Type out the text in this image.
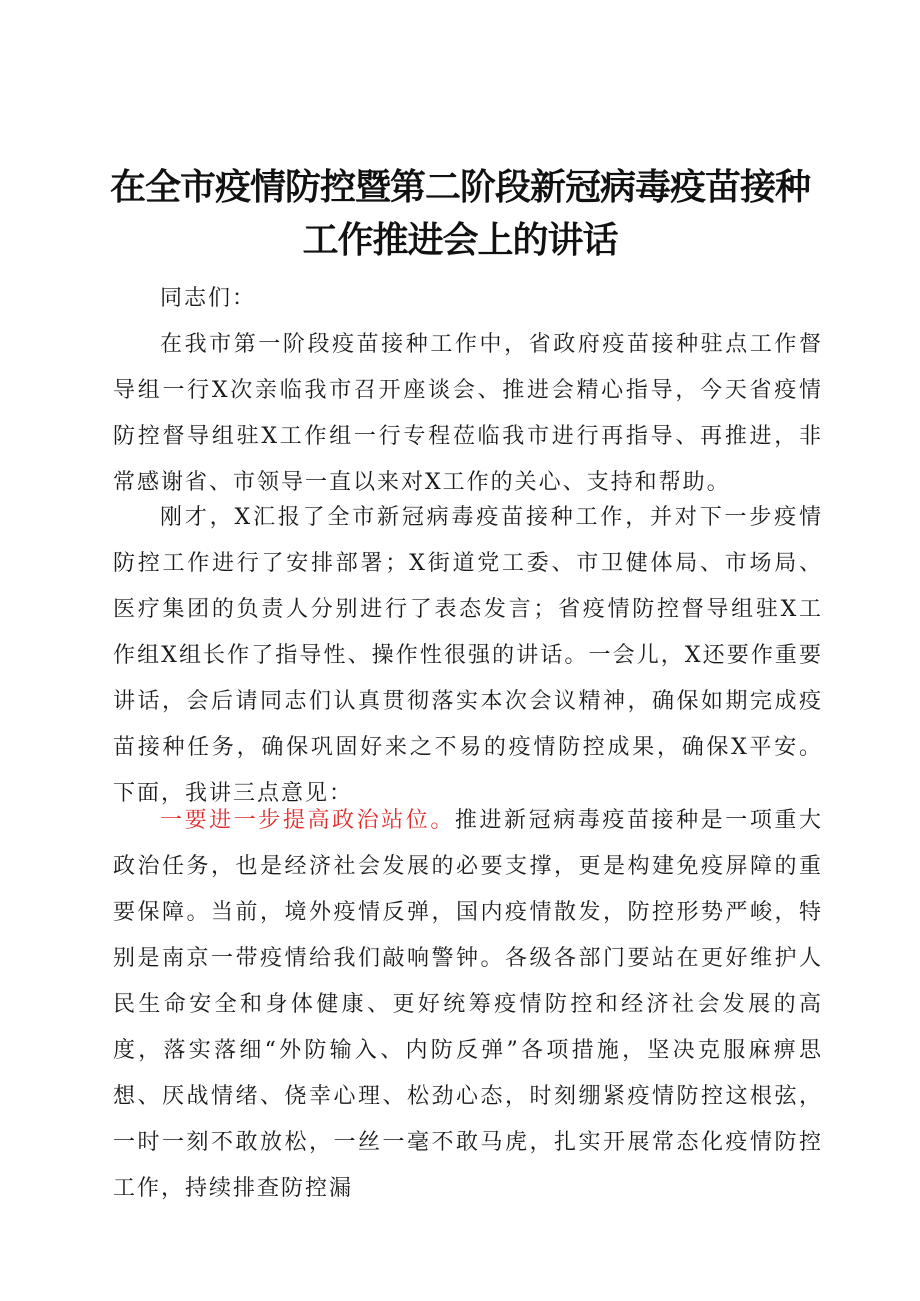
在全市疫情防控暨第二阶段新冠病毒疫苗接种
工作推进会上的讲话

同志们：

在我市第一阶段疫苗接种工作中，省政府疫苗接种驻点工作督导组一行X次亲临我市召开座谈会、推进会精心指导，今天省疫情防控督导组驻X工作组一行专程莅临我市进行再指导、再推进，非常感谢省、市领导一直以来对X工作的关心、支持和帮助。

刚才，X汇报了全市新冠病毒疫苗接种工作，并对下一步疫情防控工作进行了安排部署；X街道党工委、市卫健体局、市场局、医疗集团的负责人分别进行了表态发言；省疫情防控督导组驻X工作组X组长作了指导性、操作性很强的讲话。一会儿，X还要作重要讲话，会后请同志们认真贯彻落实本次会议精神，确保如期完成疫苗接种任务，确保巩固好来之不易的疫情防控成果，确保X平安。下面，我讲三点意见：

一要进一步提高政治站位。推进新冠病毒疫苗接种是一项重大政治任务，也是经济社会发展的必要支撑，更是构建免疫屏障的重要保障。当前，境外疫情反弹，国内疫情散发，防控形势严峻，特别是南京一带疫情给我们敲响警钟。各级各部门要站在更好维护人民生命安全和身体健康、更好统筹疫情防控和经济社会发展的高度，落实落细“外防输入、内防反弹”各项措施，坚决克服麻痹思想、厌战情绪、侥幸心理、松劲心态，时刻绷紧疫情防控这根弦，一时一刻不敢放松，一丝一毫不敢马虎，扎实开展常态化疫情防控工作，持续排查防控漏
